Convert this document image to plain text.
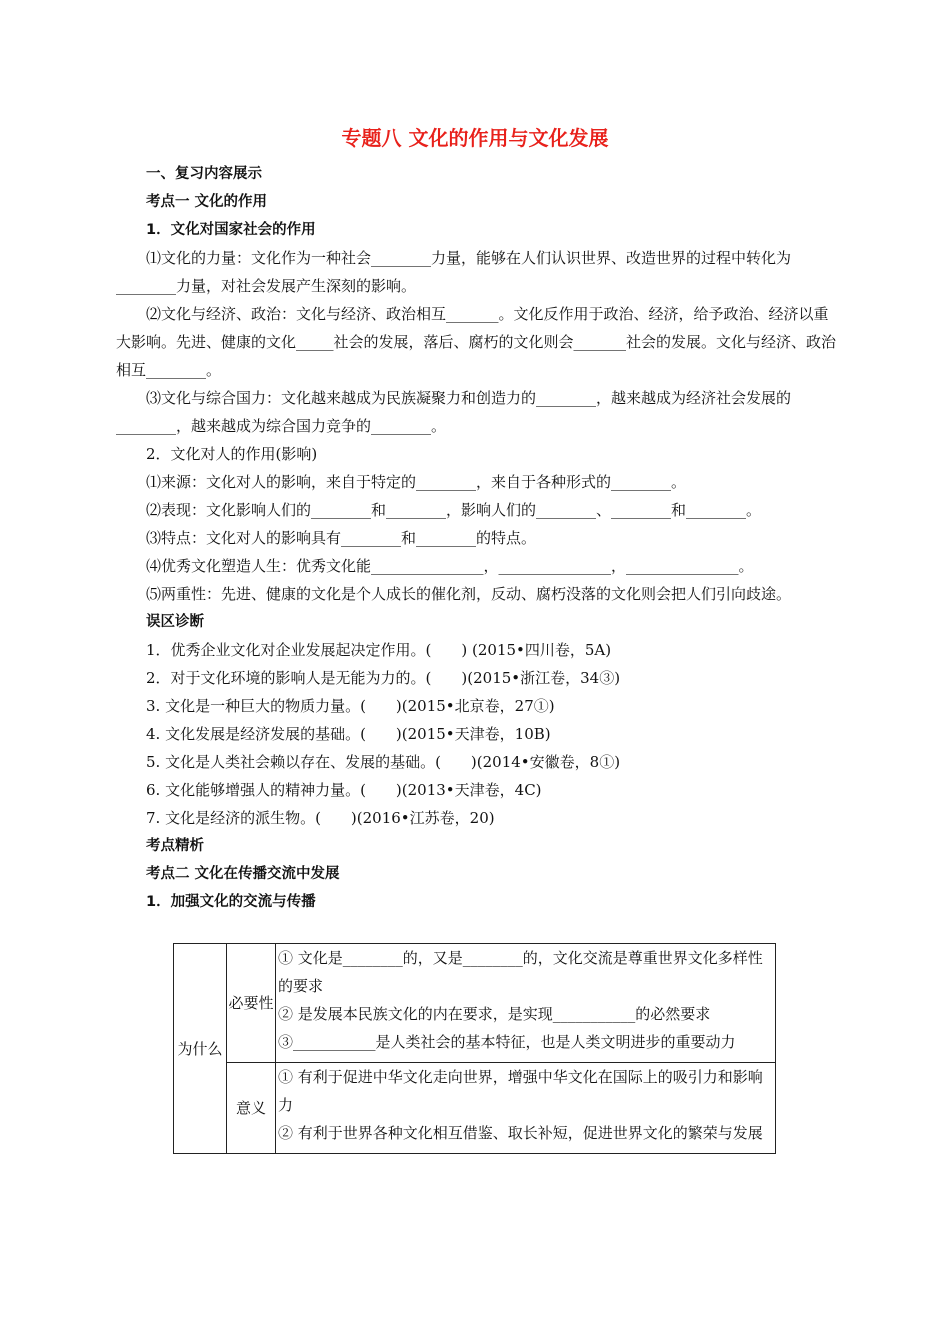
专题八 文化的作用与文化发展

一、复习内容展示

考点一 文化的作用

1．文化对国家社会的作用

⑴文化的力量：文化作为一种社会________力量，能够在人们认识世界、改造世界的过程中转化为________力量，对社会发展产生深刻的影响。

⑵文化与经济、政治：文化与经济、政治相互_______。文化反作用于政治、经济，给予政治、经济以重大影响。先进、健康的文化_____社会的发展，落后、腐朽的文化则会_______社会的发展。文化与经济、政治相互________。

⑶文化与综合国力：文化越来越成为民族凝聚力和创造力的________，越来越成为经济社会发展的________，越来越成为综合国力竞争的________。

2．文化对人的作用(影响)

⑴来源：文化对人的影响，来自于特定的________，来自于各种形式的________。

⑵表现：文化影响人们的________和________，影响人们的________、________和________。

⑶特点：文化对人的影响具有________和________的特点。

⑷优秀文化塑造人生：优秀文化能_______________，_______________，_______________。

⑸两重性：先进、健康的文化是个人成长的催化剂，反动、腐朽没落的文化则会把人们引向歧途。

误区诊断

1．优秀企业文化对企业发展起决定作用。(　　) (2015•四川卷，5A)

2．对于文化环境的影响人是无能为力的。(　　)(2015•浙江卷，34③)

3. 文化是一种巨大的物质力量。(　　)(2015•北京卷，27①)

4. 文化发展是经济发展的基础。(　　)(2015•天津卷，10B)

5. 文化是人类社会赖以存在、发展的基础。(　　)(2014•安徽卷，8①)

6. 文化能够增强人的精神力量。(　　)(2013•天津卷，4C)

7. 文化是经济的派生物。(　　)(2016•江苏卷，20)

考点精析

考点二 文化在传播交流中发展

1．加强文化的交流与传播

为什么	必要性	① 文化是________的，又是________的，文化交流是尊重世界文化多样性的要求
② 是发展本民族文化的内在要求，是实现___________的必然要求
③___________是人类社会的基本特征，也是人类文明进步的重要动力

	意义	① 有利于促进中华文化走向世界，增强中华文化在国际上的吸引力和影响力
② 有利于世界各种文化相互借鉴、取长补短，促进世界文化的繁荣与发展
